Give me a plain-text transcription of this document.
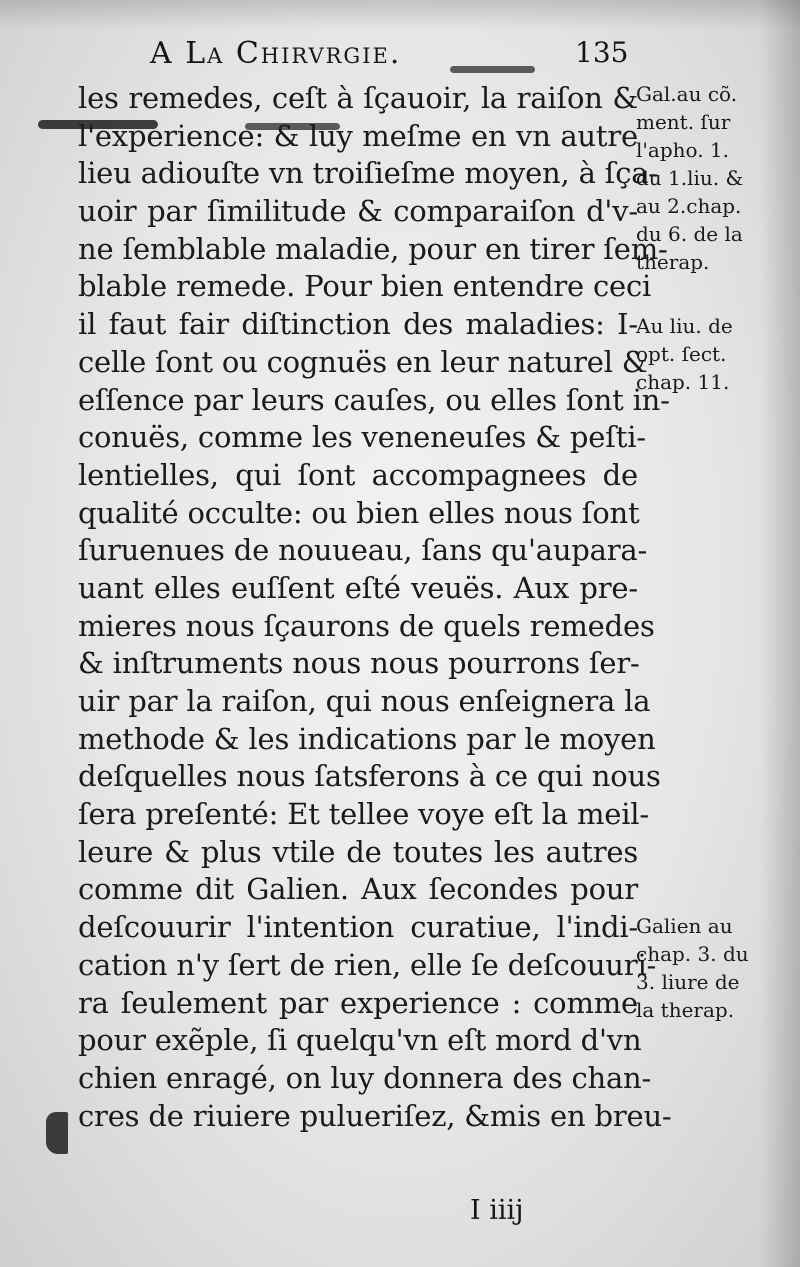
A La Chirvrgie.	135
les remedes, ceſt à ſçauoir, la raiſon &
l'experience: & luy meſme en vn autre
lieu adiouſte vn troiſieſme moyen, à ſça-
uoir par ſimilitude & comparaiſon d'v-
ne ſemblable maladie, pour en tirer ſem-
blable remede. Pour bien entendre ceci
il faut fair diſtinction des maladies: I-
celle ſont ou cognuës en leur naturel &
eſſence par leurs cauſes, ou elles ſont in-
conuës, comme les veneneuſes & peſti-
lentielles, qui ſont accompagnees de
qualité occulte: ou bien elles nous ſont
ſuruenues de nouueau, ſans qu'aupara-
uant elles euſſent eſté veuës. Aux pre-
mieres nous ſçaurons de quels remedes
& inſtruments nous nous pourrons ſer-
uir par la raiſon, qui nous enſeignera la
methode & les indications par le moyen
deſquelles nous ſatsferons à ce qui nous
ſera preſenté: Et tellee voye eſt la meil-
leure & plus vtile de toutes les autres
comme dit Galien. Aux ſecondes pour
deſcouurir l'intention curatiue, l'indi-
cation n'y ſert de rien, elle ſe deſcouuri-
ra ſeulement par experience : comme
pour exẽple, ſi quelqu'vn eſt mord d'vn
chien enragé, on luy donnera des chan-
cres de riuiere pulueriſez, &mis en breu-
Gal.au cõ.
ment. ſur
l'apho. 1.
du 1.liu. &
au 2.chap.
du 6. de la
therap.
Au liu. de
opt. ſect.
chap. 11.
Galien au
chap. 3. du
3. liure de
la therap.
I iiij
